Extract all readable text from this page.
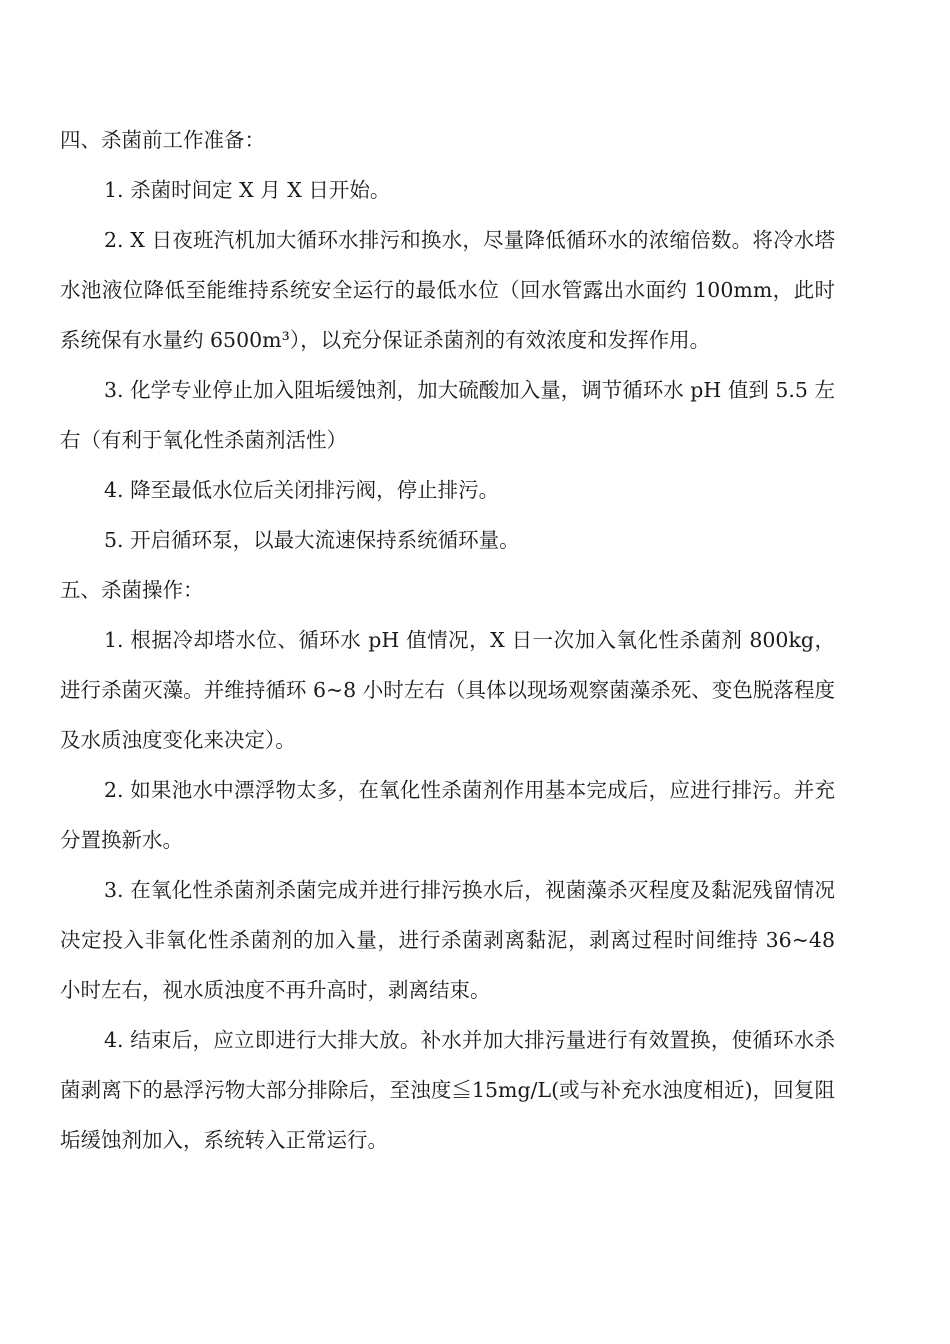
四、杀菌前工作准备：

1. 杀菌时间定 X 月 X 日开始。

2. X 日夜班汽机加大循环水排污和换水，尽量降低循环水的浓缩倍数。将冷水塔水池液位降低至能维持系统安全运行的最低水位（回水管露出水面约 100mm，此时系统保有水量约 6500m³），以充分保证杀菌剂的有效浓度和发挥作用。

3. 化学专业停止加入阻垢缓蚀剂，加大硫酸加入量，调节循环水 pH 值到 5.5 左右（有利于氧化性杀菌剂活性）

4. 降至最低水位后关闭排污阀，停止排污。

5. 开启循环泵，以最大流速保持系统循环量。

五、杀菌操作：

1. 根据冷却塔水位、循环水 pH 值情况，X 日一次加入氧化性杀菌剂 800kg，进行杀菌灭藻。并维持循环 6~8 小时左右（具体以现场观察菌藻杀死、变色脱落程度及水质浊度变化来决定）。

2. 如果池水中漂浮物太多，在氧化性杀菌剂作用基本完成后，应进行排污。并充分置换新水。

3. 在氧化性杀菌剂杀菌完成并进行排污换水后，视菌藻杀灭程度及黏泥残留情况决定投入非氧化性杀菌剂的加入量，进行杀菌剥离黏泥，剥离过程时间维持 36~48 小时左右，视水质浊度不再升高时，剥离结束。

4. 结束后，应立即进行大排大放。补水并加大排污量进行有效置换，使循环水杀菌剥离下的悬浮污物大部分排除后，至浊度≦15mg/L(或与补充水浊度相近)，回复阻垢缓蚀剂加入，系统转入正常运行。
